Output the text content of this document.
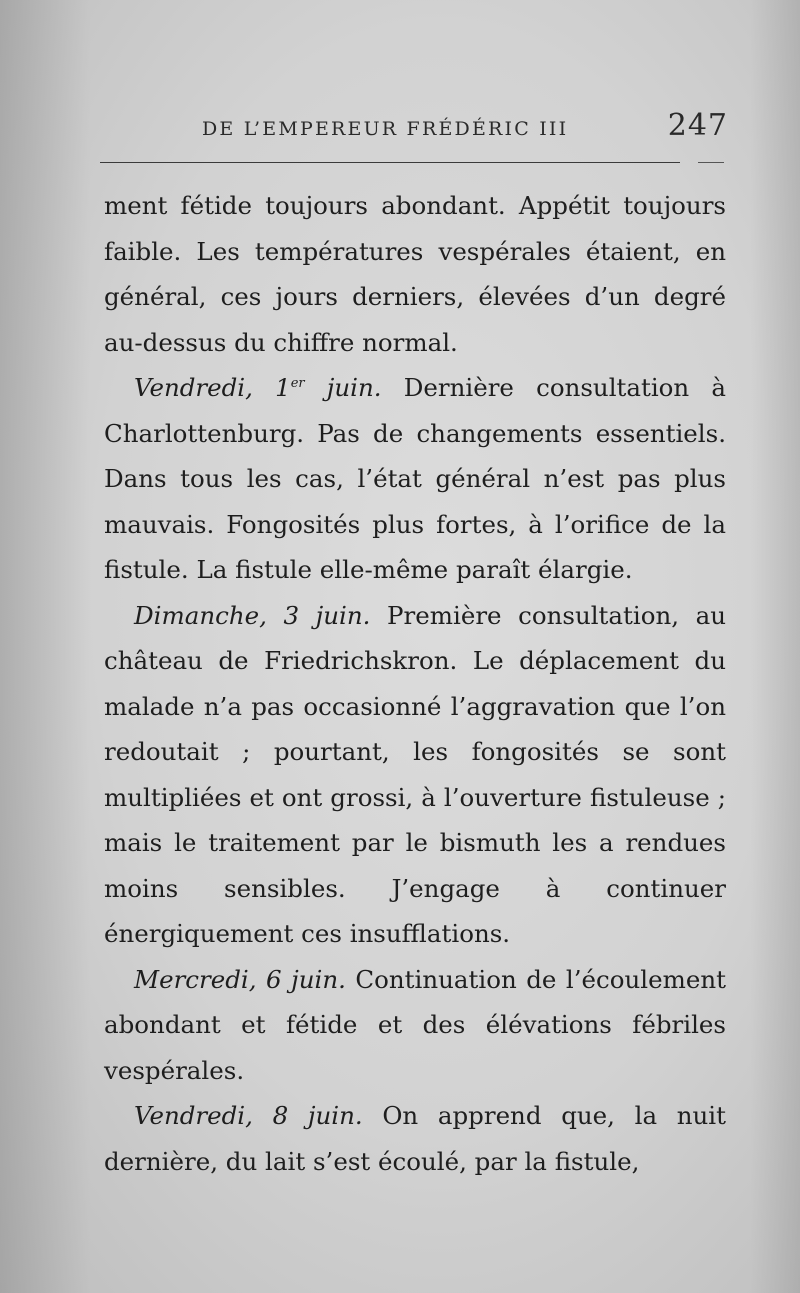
DE L’EMPEREUR FRÉDÉRIC III	247

ment fétide toujours abondant. Appétit toujours faible. Les températures vespérales étaient, en général, ces jours derniers, élevées d’un degré au-dessus du chiffre normal.

Vendredi, 1er juin. Dernière consultation à Charlottenburg. Pas de changements essentiels. Dans tous les cas, l’état général n’est pas plus mauvais. Fongosités plus fortes, à l’orifice de la fistule. La fistule elle-même paraît élargie.

Dimanche, 3 juin. Première consultation, au château de Friedrichskron. Le déplacement du malade n’a pas occasionné l’aggravation que l’on redoutait ; pourtant, les fongosités se sont multipliées et ont grossi, à l’ouverture fistuleuse ; mais le traitement par le bismuth les a rendues moins sensibles. J’engage à continuer énergiquement ces insufflations.

Mercredi, 6 juin. Continuation de l’écoulement abondant et fétide et des élévations fébriles vespérales.

Vendredi, 8 juin. On apprend que, la nuit dernière, du lait s’est écoulé, par la fistule,
